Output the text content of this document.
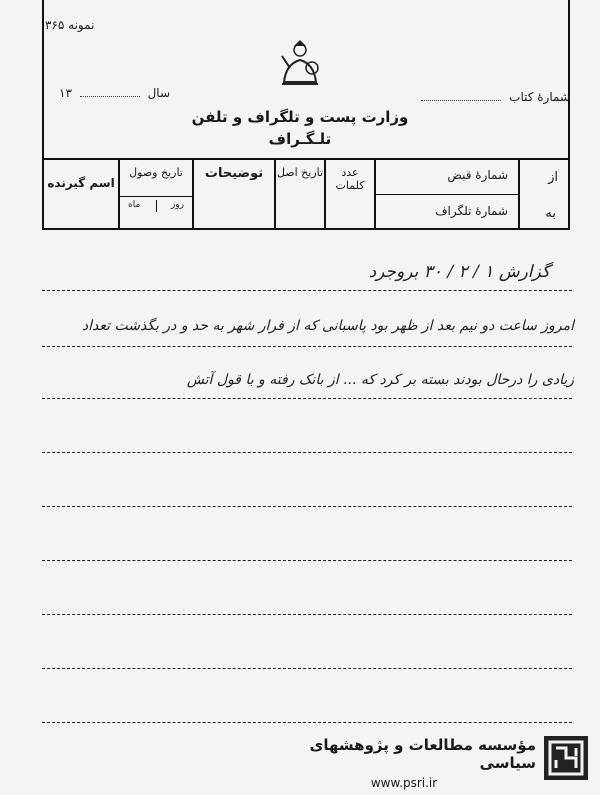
نمونه ۳۶۵
سال  ۱۳	شمارهٔ کتاب
وزارت پست و تلگراف و تلفن
تلـگـراف
از
به
شمارهٔ قبض
شمارهٔ تلگراف
عدد کلمات
تاریخ اصل
توضیحات
تاریخ وصول
روز
ماه
اسم گیرنده
گزارش ۱ / ۲ / ۳۰ بروجرد
امروز ساعت دو نیم بعد از ظهر بود پاسبانی که از فرار شهر به حد و در بگذشت تعداد
زیادی را درحال بودند بسته بر کرد که ... از بانک رفته و با قول آتش
مؤسسه مطالعات و پژوهشهای سیاسی
www.psri.ir
